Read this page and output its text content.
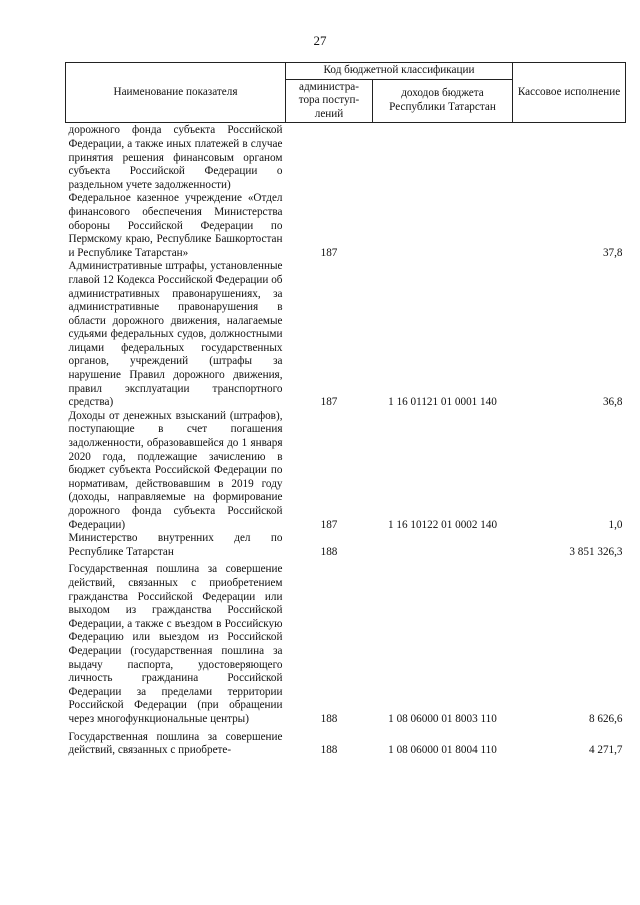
27
Наименование показателя	Код бюджетной классификации		Кассовое исполнение
	администра-тора поступ-лений	доходов бюджета Республики Татарстан	
дорожного фонда субъекта Российской Федерации, а также иных платежей в случае принятия решения финансовым органом субъекта Российской Федерации о раздельном учете задолженности)			
Федеральное казенное учреждение «Отдел финансового обеспечения Министерства обороны Российской Федерации по Пермскому краю, Республике Башкортостан и Республике Татарстан»	187		37,8
Административные штрафы, установленные главой 12 Кодекса Российской Федерации об административных правонарушениях, за административные правонарушения в области дорожного движения, налагаемые судьями федеральных судов, должностными лицами федеральных государственных органов, учреждений (штрафы за нарушение Правил дорожного движения, правил эксплуатации транспортного средства)	187	1 16 01121 01 0001 140	36,8
Доходы от денежных взысканий (штрафов), поступающие в счет погашения задолженности, образовавшейся до 1 января 2020 года, подлежащие зачислению в бюджет субъекта Российской Федерации по нормативам, действовавшим в 2019 году (доходы, направляемые на формирование дорожного фонда субъекта Российской Федерации)	187	1 16 10122 01 0002 140	1,0
Министерство внутренних дел по Республике Татарстан	188		3 851 326,3
Государственная пошлина за совершение действий, связанных с приобретением гражданства Российской Федерации или выходом из гражданства Российской Федерации, а также с въездом в Российскую Федерацию или выездом из Российской Федерации (государственная пошлина за выдачу паспорта, удостоверяющего личность гражданина Российской Федерации за пределами территории Российской Федерации (при обращении через многофункциональные центры)	188	1 08 06000 01 8003 110	8 626,6
Государственная пошлина за совершение действий, связанных с приобрете-	188	1 08 06000 01 8004 110	4 271,7
